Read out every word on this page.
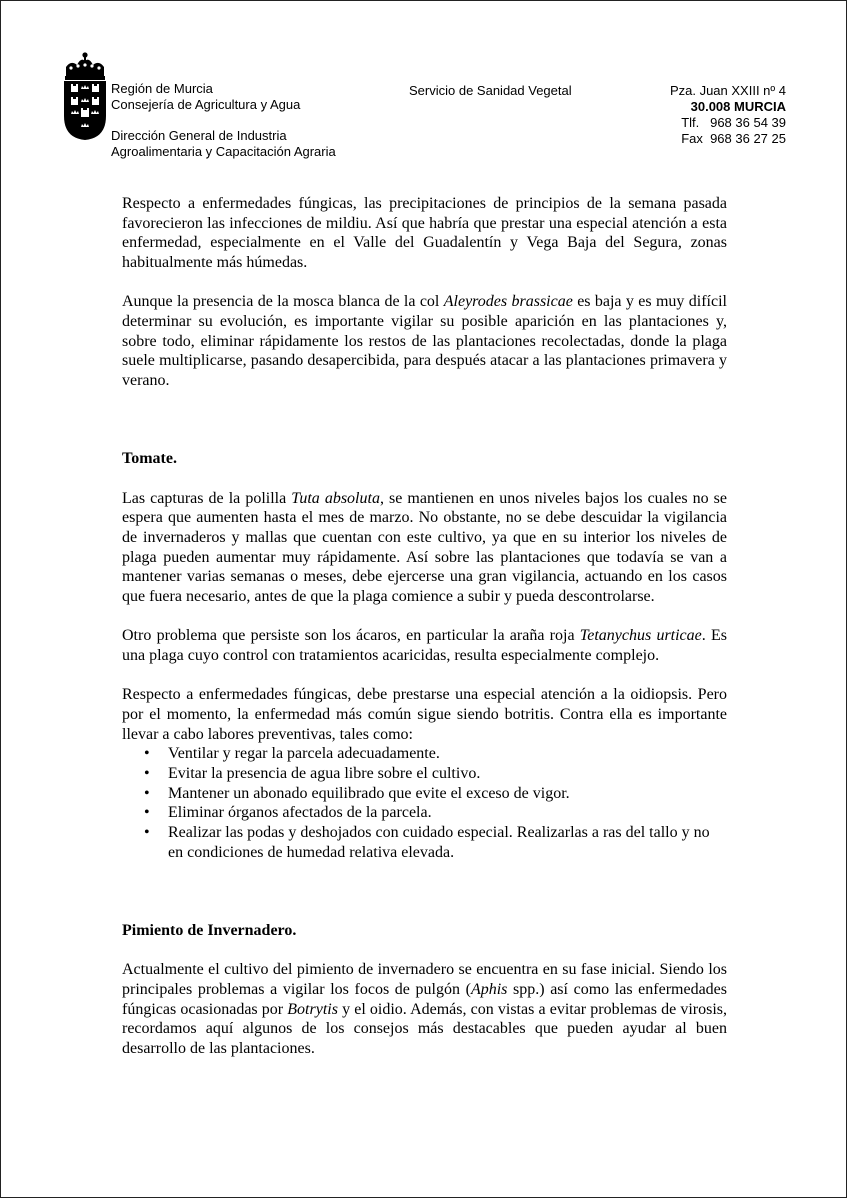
Región de Murcia
Consejería de Agricultura y Agua
Dirección General de Industria
Agroalimentaria y Capacitación Agraria
Servicio de Sanidad Vegetal	Pza. Juan XXIII nº 4
30.008 MURCIA
Tlf.   968 36 54 39
Fax  968 36 27 25

Respecto a enfermedades fúngicas, las precipitaciones de principios de la semana pasada favorecieron las infecciones de mildiu. Así que habría que prestar una especial atención a esta enfermedad, especialmente en el Valle del Guadalentín y Vega Baja del Segura, zonas habitualmente más húmedas.

Aunque la presencia de la mosca blanca de la col Aleyrodes brassicae es baja y es muy difícil determinar su evolución, es importante vigilar su posible aparición en las plantaciones y, sobre todo, eliminar rápidamente los restos de las plantaciones recolectadas, donde la plaga suele multiplicarse, pasando desapercibida, para después atacar a las plantaciones primavera y verano.

Tomate.

Las capturas de la polilla Tuta absoluta, se mantienen en unos niveles bajos los cuales no se espera que aumenten hasta el mes de marzo. No obstante, no se debe descuidar la vigilancia de invernaderos y mallas que cuentan con este cultivo, ya que en su interior los niveles de plaga pueden aumentar muy rápidamente. Así sobre las plantaciones que todavía se van a mantener varias semanas o meses, debe ejercerse una gran vigilancia, actuando en los casos que fuera necesario, antes de que la plaga comience a subir y pueda descontrolarse.

Otro problema que persiste son los ácaros, en particular la araña roja Tetanychus urticae. Es una plaga cuyo control con tratamientos acaricidas, resulta especialmente complejo.

Respecto a enfermedades fúngicas, debe prestarse una especial atención a la oidiopsis. Pero por el momento, la enfermedad más común sigue siendo botritis. Contra ella es importante llevar a cabo labores preventivas, tales como:

• Ventilar y regar la parcela adecuadamente.
• Evitar la presencia de agua libre sobre el cultivo.
• Mantener un abonado equilibrado que evite el exceso de vigor.
• Eliminar órganos afectados de la parcela.
• Realizar las podas y deshojados con cuidado especial. Realizarlas a ras del tallo y no en condiciones de humedad relativa elevada.
Pimiento de Invernadero.

Actualmente el cultivo del pimiento de invernadero se encuentra en su fase inicial. Siendo los principales problemas a vigilar los focos de pulgón (Aphis spp.) así como las enfermedades fúngicas ocasionadas por Botrytis y el oidio. Además, con vistas a evitar problemas de virosis, recordamos aquí algunos de los consejos más destacables que pueden ayudar al buen desarrollo de las plantaciones.
